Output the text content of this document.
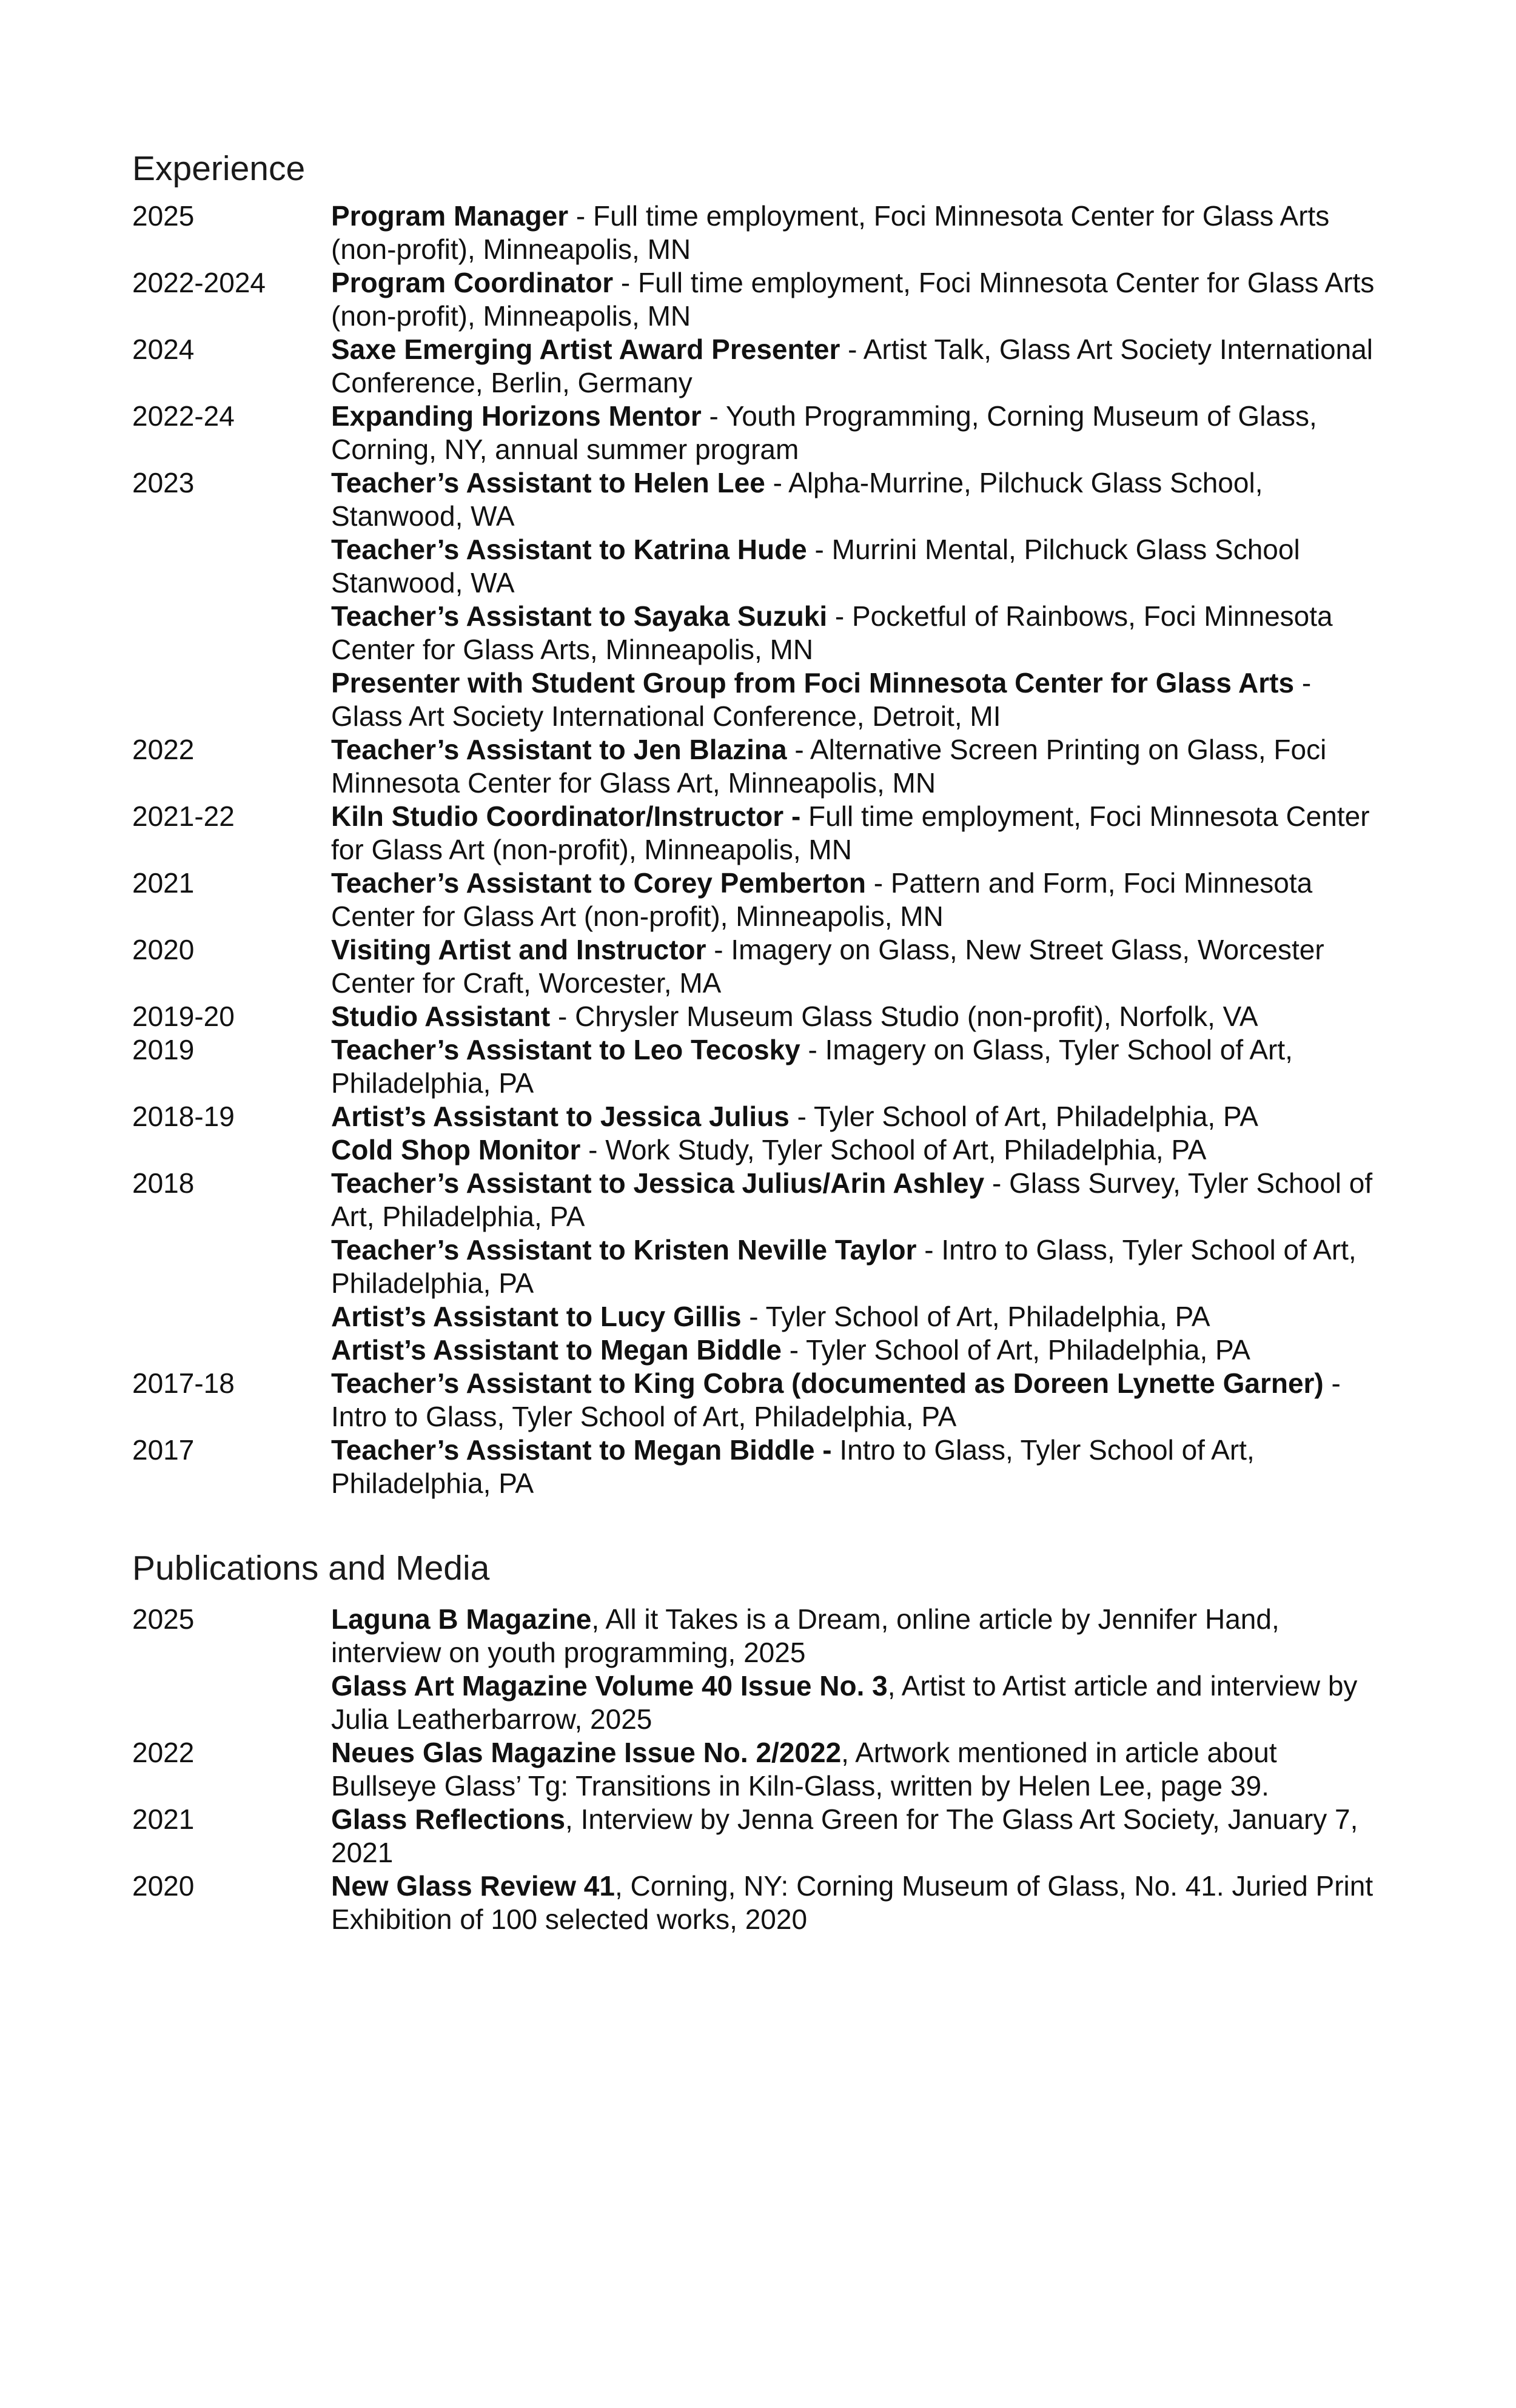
Experience
2025	Program Manager - Full time employment, Foci Minnesota Center for Glass Arts (non-profit), Minneapolis, MN
2022-2024	Program Coordinator - Full time employment, Foci Minnesota Center for Glass Arts (non-profit), Minneapolis, MN
2024	Saxe Emerging Artist Award Presenter - Artist Talk, Glass Art Society International Conference, Berlin, Germany
2022-24	Expanding Horizons Mentor - Youth Programming, Corning Museum of Glass, Corning, NY, annual summer program
2023	Teacher’s Assistant to Helen Lee - Alpha-Murrine, Pilchuck Glass School, Stanwood, WA
Teacher’s Assistant to Katrina Hude - Murrini Mental, Pilchuck Glass School Stanwood, WA
Teacher’s Assistant to Sayaka Suzuki - Pocketful of Rainbows, Foci Minnesota Center for Glass Arts, Minneapolis, MN
Presenter with Student Group from Foci Minnesota Center for Glass Arts - Glass Art Society International Conference, Detroit, MI
2022	Teacher’s Assistant to Jen Blazina - Alternative Screen Printing on Glass, Foci Minnesota Center for Glass Art, Minneapolis, MN
2021-22	Kiln Studio Coordinator/Instructor - Full time employment, Foci Minnesota Center for Glass Art (non-profit), Minneapolis, MN
2021	Teacher’s Assistant to Corey Pemberton - Pattern and Form, Foci Minnesota Center for Glass Art (non-profit), Minneapolis, MN
2020	Visiting Artist and Instructor - Imagery on Glass, New Street Glass, Worcester Center for Craft, Worcester, MA
2019-20	Studio Assistant - Chrysler Museum Glass Studio (non-profit), Norfolk, VA
2019	Teacher’s Assistant to Leo Tecosky - Imagery on Glass, Tyler School of Art, Philadelphia, PA
2018-19	Artist’s Assistant to Jessica Julius - Tyler School of Art, Philadelphia, PA
Cold Shop Monitor - Work Study, Tyler School of Art, Philadelphia, PA
2018	Teacher’s Assistant to Jessica Julius/Arin Ashley - Glass Survey, Tyler School of Art, Philadelphia, PA
Teacher’s Assistant to Kristen Neville Taylor - Intro to Glass, Tyler School of Art, Philadelphia, PA
Artist’s Assistant to Lucy Gillis - Tyler School of Art, Philadelphia, PA
Artist’s Assistant to Megan Biddle - Tyler School of Art, Philadelphia, PA
2017-18	Teacher’s Assistant to King Cobra (documented as Doreen Lynette Garner) - Intro to Glass, Tyler School of Art, Philadelphia, PA
2017	Teacher’s Assistant to Megan Biddle - Intro to Glass, Tyler School of Art, Philadelphia, PA
Publications and Media
2025	Laguna B Magazine, All it Takes is a Dream, online article by Jennifer Hand, interview on youth programming, 2025
Glass Art Magazine Volume 40 Issue No. 3, Artist to Artist article and interview by Julia Leatherbarrow, 2025
2022	Neues Glas Magazine Issue No. 2/2022, Artwork mentioned in article about Bullseye Glass’ Tg: Transitions in Kiln-Glass, written by Helen Lee, page 39.
2021	Glass Reflections, Interview by Jenna Green for The Glass Art Society, January 7, 2021
2020	New Glass Review 41, Corning, NY: Corning Museum of Glass, No. 41. Juried Print Exhibition of 100 selected works, 2020
